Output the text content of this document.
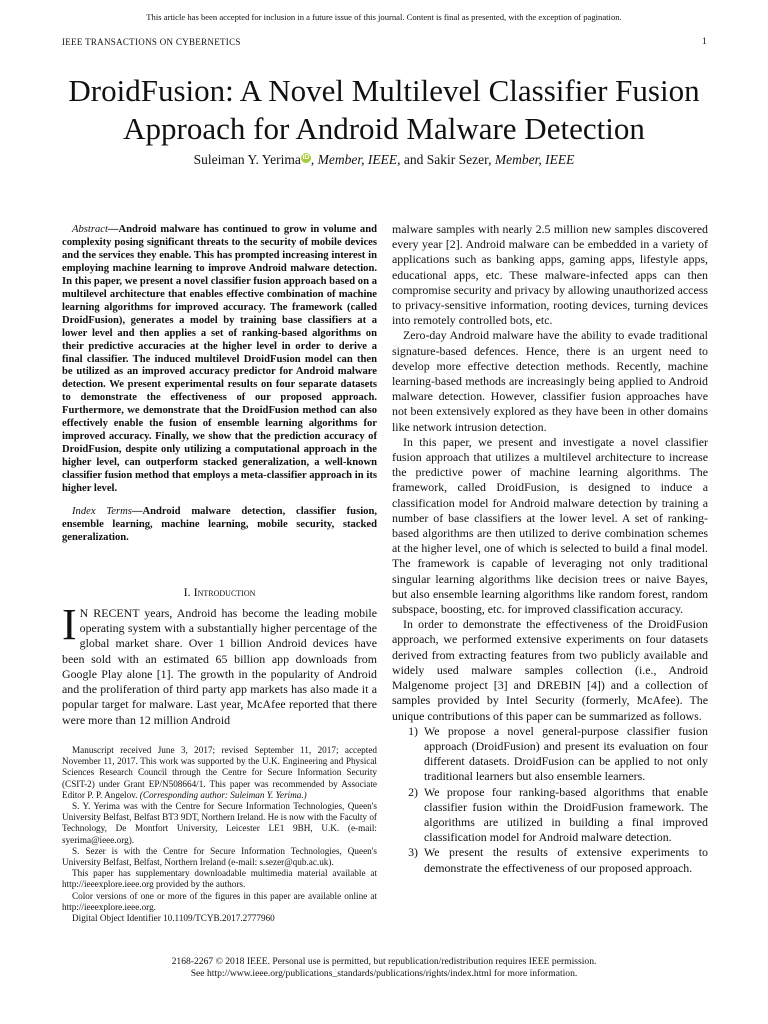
This article has been accepted for inclusion in a future issue of this journal. Content is final as presented, with the exception of pagination.
IEEE TRANSACTIONS ON CYBERNETICS	1
DroidFusion: A Novel Multilevel Classifier Fusion Approach for Android Malware Detection
Suleiman Y. Yerima iD , Member, IEEE, and Sakir Sezer, Member, IEEE

Abstract—Android malware has continued to grow in volume and complexity posing significant threats to the security of mobile devices and the services they enable. This has prompted increasing interest in employing machine learning to improve Android malware detection. In this paper, we present a novel classifier fusion approach based on a multilevel architecture that enables effective combination of machine learning algorithms for improved accuracy. The framework (called DroidFusion), generates a model by training base classifiers at a lower level and then applies a set of ranking-based algorithms on their predictive accuracies at the higher level in order to derive a final classifier. The induced multilevel DroidFusion model can then be utilized as an improved accuracy predictor for Android malware detection. We present experimental results on four separate datasets to demonstrate the effectiveness of our proposed approach. Furthermore, we demonstrate that the DroidFusion method can also effectively enable the fusion of ensemble learning algorithms for improved accuracy. Finally, we show that the prediction accuracy of DroidFusion, despite only utilizing a computational approach in the higher level, can outperform stacked generalization, a well-known classifier fusion method that employs a meta-classifier approach in its higher level.

Index Terms—Android malware detection, classifier fusion, ensemble learning, machine learning, mobile security, stacked generalization.

I. Introduction
I N RECENT years, Android has become the leading mobile operating system with a substantially higher percentage of the global market share. Over 1 billion Android devices have been sold with an estimated 65 billion app downloads from Google Play alone [1]. The growth in the popularity of Android and the proliferation of third party app markets has also made it a popular target for malware. Last year, McAfee reported that there were more than 12 million Android

Manuscript received June 3, 2017; revised September 11, 2017; accepted November 11, 2017. This work was supported by the U.K. Engineering and Physical Sciences Research Council through the Centre for Secure Information Security (CSIT-2) under Grant EP/N508664/1. This paper was recommended by Associate Editor P. P. Angelov. (Corresponding author: Suleiman Y. Yerima.)

S. Y. Yerima was with the Centre for Secure Information Technologies, Queen's University Belfast, Belfast BT3 9DT, Northern Ireland. He is now with the Faculty of Technology, De Montfort University, Leicester LE1 9BH, U.K. (e-mail: syerima@ieee.org).

S. Sezer is with the Centre for Secure Information Technologies, Queen's University Belfast, Belfast, Northern Ireland (e-mail: s.sezer@qub.ac.uk).

This paper has supplementary downloadable multimedia material available at http://ieeexplore.ieee.org provided by the authors.

Color versions of one or more of the figures in this paper are available online at http://ieeexplore.ieee.org.

Digital Object Identifier 10.1109/TCYB.2017.2777960

malware samples with nearly 2.5 million new samples discovered every year [2]. Android malware can be embedded in a variety of applications such as banking apps, gaming apps, lifestyle apps, educational apps, etc. These malware-infected apps can then compromise security and privacy by allowing unauthorized access to privacy-sensitive information, rooting devices, turning devices into remotely controlled bots, etc.

Zero-day Android malware have the ability to evade traditional signature-based defences. Hence, there is an urgent need to develop more effective detection methods. Recently, machine learning-based methods are increasingly being applied to Android malware detection. However, classifier fusion approaches have not been extensively explored as they have been in other domains like network intrusion detection.

In this paper, we present and investigate a novel classifier fusion approach that utilizes a multilevel architecture to increase the predictive power of machine learning algorithms. The framework, called DroidFusion, is designed to induce a classification model for Android malware detection by training a number of base classifiers at the lower level. A set of ranking-based algorithms are then utilized to derive combination schemes at the higher level, one of which is selected to build a final model. The framework is capable of leveraging not only traditional singular learning algorithms like decision trees or naive Bayes, but also ensemble learning algorithms like random forest, random subspace, boosting, etc. for improved classification accuracy.

In order to demonstrate the effectiveness of the DroidFusion approach, we performed extensive experiments on four datasets derived from extracting features from two publicly available and widely used malware samples collection (i.e., Android Malgenome project [3] and DREBIN [4]) and a collection of samples provided by Intel Security (formerly, McAfee). The unique contributions of this paper can be summarized as follows.

1) We propose a novel general-purpose classifier fusion approach (DroidFusion) and present its evaluation on four different datasets. DroidFusion can be applied to not only traditional learners but also ensemble learners.
2) We propose four ranking-based algorithms that enable classifier fusion within the DroidFusion framework. The algorithms are utilized in building a final improved classification model for Android malware detection.
3) We present the results of extensive experiments to demonstrate the effectiveness of our proposed approach.
2168-2267 © 2018 IEEE. Personal use is permitted, but republication/redistribution requires IEEE permission.
See http://www.ieee.org/publications_standards/publications/rights/index.html for more information.
